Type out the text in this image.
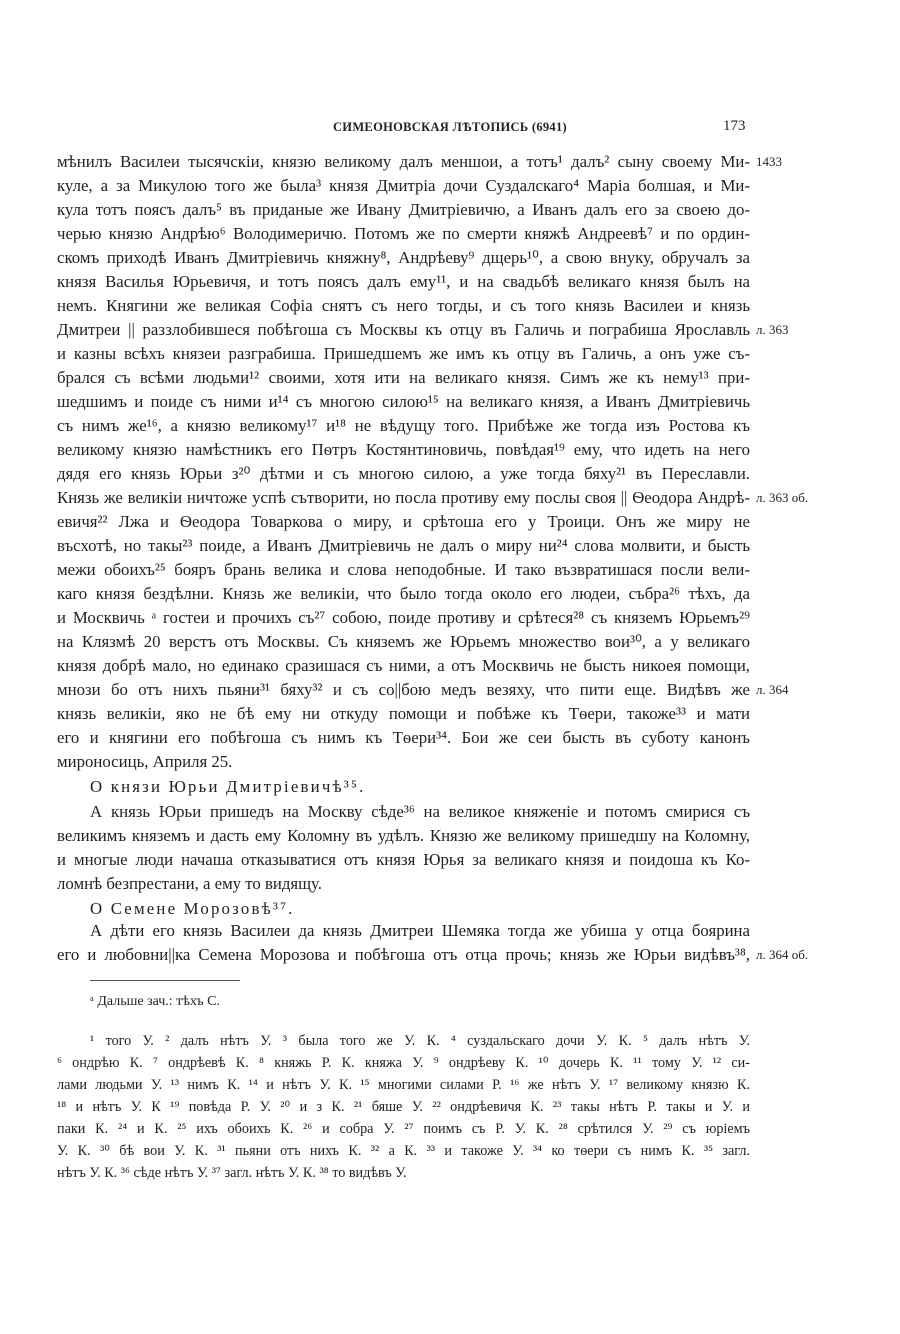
СИМЕОНОВСКАЯ ЛѢТОПИСЬ (6941)	173
мѣнилъ Василеи тысячскіи, князю великому далъ меншои, а тотъ¹ далъ² сыну своему Ми-
куле, а за Микулою того же была³ князя Дмитріа дочи Суздалскаго⁴ Маріа болшая, и Ми-
кула тотъ поясъ далъ⁵ въ приданые же Ивану Дмитріевичю, а Иванъ далъ его за своею до-
черью князю Андрѣю⁶ Володимеричю. Потомъ же по смерти княжѣ Андреевѣ⁷ и по ордин-
скомъ приходѣ Иванъ Дмитріевичь княжну⁸, Андрѣеву⁹ дщерь¹⁰, а свою внуку, обручалъ за
князя Василья Юрьевичя, и тотъ поясъ далъ ему¹¹, и на свадьбѣ великаго князя былъ на
немъ. Княгини же великая Софіа снятъ съ него тогды, и съ того князь Василеи и князь
Дмитреи || раззлобившеся побѣгоша съ Москвы къ отцу въ Галичь и пограбиша Ярославль
и казны всѣхъ князеи разграбиша. Пришедшемъ же имъ къ отцу въ Галичь, а онъ уже съ-
брался съ всѣми людьми¹² своими, хотя ити на великаго князя. Симъ же къ нему¹³ при-
шедшимъ и поиде съ ними и¹⁴ съ многою силою¹⁵ на великаго князя, а Иванъ Дмитріевичь
съ нимъ же¹⁶, а князю великому¹⁷ и¹⁸ не вѣдущу того. Прибѣже же тогда изъ Ростова къ
великому князю намѣстникъ его Пѳтръ Костянтиновичь, повѣдая¹⁹ ему, что идеть на него
дядя его князь Юрьи з²⁰ дѣтми и съ многою силою, а уже тогда бяху²¹ въ Переславли.
Князь же великіи ничтоже успѣ сътворити, но посла противу ему послы своя || Ѳеодора Андрѣ-
евичя²² Лжа и Ѳеодора Товаркова о миру, и срѣтоша его у Троици. Онъ же миру не
въсхотѣ, но такы²³ поиде, а Иванъ Дмитріевичь не далъ о миру ни²⁴ слова молвити, и бысть
межи обоихъ²⁵ бояръ брань велика и слова неподобные. И тако възвратишася посли вели-
каго князя бездѣлни. Князь же великіи, что было тогда около его людеи, събра²⁶ тѣхъ, да
и Москвичь ᵃ гостеи и прочихъ съ²⁷ собою, поиде противу и срѣтеся²⁸ съ княземъ Юрьемъ²⁹
на Клязмѣ 20 верстъ отъ Москвы. Съ княземъ же Юрьемъ множество вои³⁰, а у великаго
князя добрѣ мало, но единако сразишася съ ними, а отъ Москвичь не бысть никоея помощи,
мнози бо отъ нихъ пьяни³¹ бяху³² и съ со||бою медъ везяху, что пити еще. Видѣвъ же
князь великіи, яко не бѣ ему ни откуду помощи и побѣже къ Тѳери, такоже³³ и мати
его и княгини его побѣгоша съ нимъ къ Тѳери³⁴. Бои же сеи бысть въ суботу канонъ
мироносиць, Априля 25.
О князи Юрьи Дмитріевичѣ³⁵.
А князь Юрьи пришедъ на Москву сѣде³⁶ на великое княженіе и потомъ смирися съ
великимъ княземъ и дасть ему Коломну въ удѣлъ. Князю же великому пришедшу на Коломну,
и многые люди начаша отказыватися отъ князя Юрья за великаго князя и поидоша къ Ко-
ломнѣ безпрестани, а ему то видящу.
О Семене Морозовѣ³⁷.
А дѣти его князь Василеи да князь Дмитреи Шемяка тогда же убиша у отца боярина
его и любовни||ка Семена Морозова и побѣгоша отъ отца прочь; князь же Юрьи видѣвъ³⁸,
1433
л. 363
л. 363 об.
л. 364
л. 364 об.
ᵃ Дальше зач.: тѣхъ С.
¹ того У. ² далъ нѣтъ У. ³ была того же У. К. ⁴ суздальскаго дочи У. К. ⁵ далъ нѣтъ У.
⁶ ондрѣю К. ⁷ ондрѣевѣ К. ⁸ княжь Р. К. княжа У. ⁹ ондрѣеву К. ¹⁰ дочерь К. ¹¹ тому У. ¹² си-
лами людьми У. ¹³ нимъ К. ¹⁴ и нѣтъ У. К. ¹⁵ многими силами Р. ¹⁶ же нѣтъ У. ¹⁷ великому князю К.
¹⁸ и нѣтъ У. К ¹⁹ повѣда Р. У. ²⁰ и з К. ²¹ бяше У. ²² ондрѣевичя К. ²³ такы нѣтъ Р. такы и У. и
паки К. ²⁴ и К. ²⁵ ихъ обоихъ К. ²⁶ и собра У. ²⁷ поимъ съ Р. У. К. ²⁸ срѣтился У. ²⁹ съ юріемъ
У. К. ³⁰ бѣ вои У. К. ³¹ пьяни отъ нихъ К. ³² а К. ³³ и такоже У. ³⁴ ко тѳери съ нимъ К. ³⁵ загл.
нѣтъ У. К. ³⁶ сѣде нѣтъ У. ³⁷ загл. нѣтъ У. К. ³⁸ то видѣвъ У.
